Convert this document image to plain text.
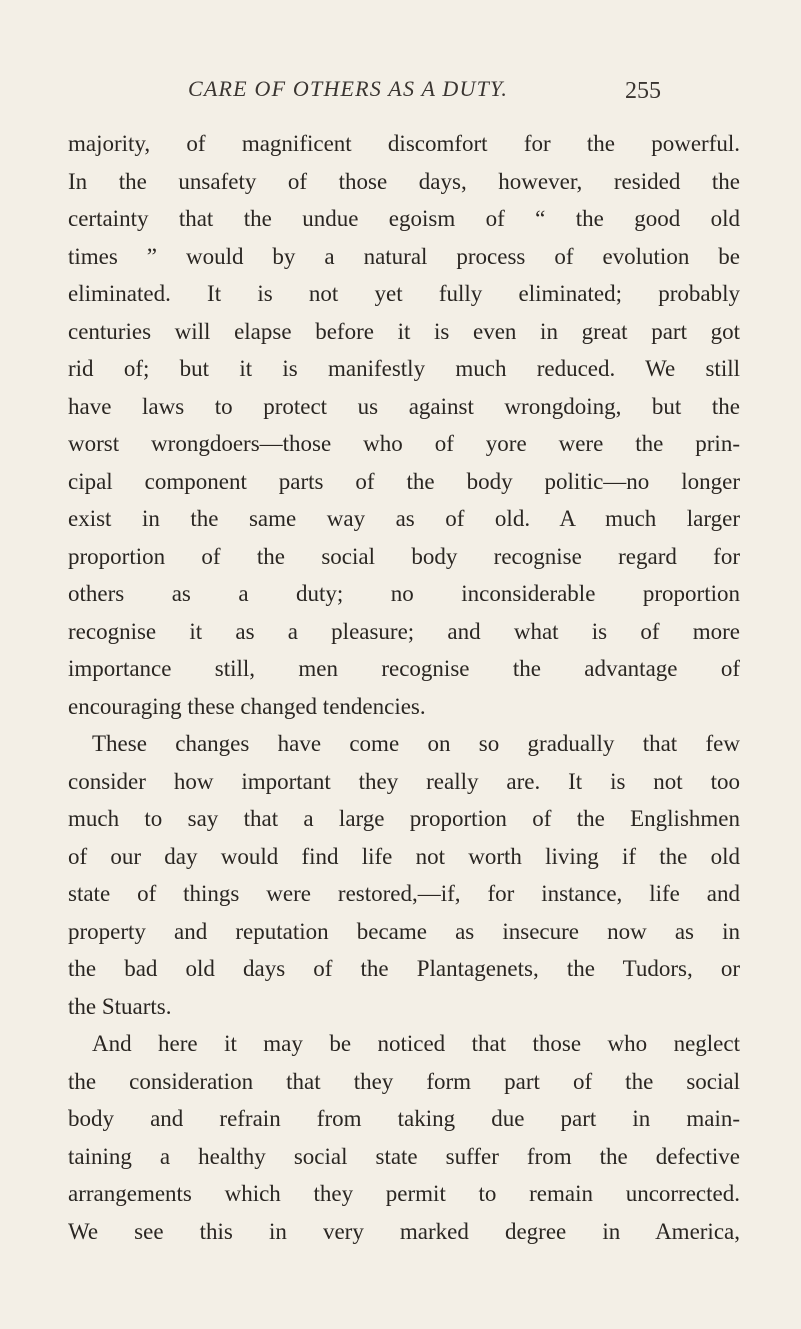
CARE OF OTHERS AS A DUTY.	255
majority, of magnificent discomfort for the powerful.
In the unsafety of those days, however, resided the
certainty that the undue egoism of “ the good old
times ” would by a natural process of evolution be
eliminated. It is not yet fully eliminated; probably
centuries will elapse before it is even in great part got
rid of; but it is manifestly much reduced. We still
have laws to protect us against wrongdoing, but the
worst wrongdoers—those who of yore were the prin-
cipal component parts of the body politic—no longer
exist in the same way as of old. A much larger
proportion of the social body recognise regard for
others as a duty; no inconsiderable proportion
recognise it as a pleasure; and what is of more
importance still, men recognise the advantage of
encouraging these changed tendencies.
These changes have come on so gradually that few
consider how important they really are. It is not too
much to say that a large proportion of the Englishmen
of our day would find life not worth living if the old
state of things were restored,—if, for instance, life and
property and reputation became as insecure now as in
the bad old days of the Plantagenets, the Tudors, or
the Stuarts.
And here it may be noticed that those who neglect
the consideration that they form part of the social
body and refrain from taking due part in main-
taining a healthy social state suffer from the defective
arrangements which they permit to remain uncorrected.
We see this in very marked degree in America,
